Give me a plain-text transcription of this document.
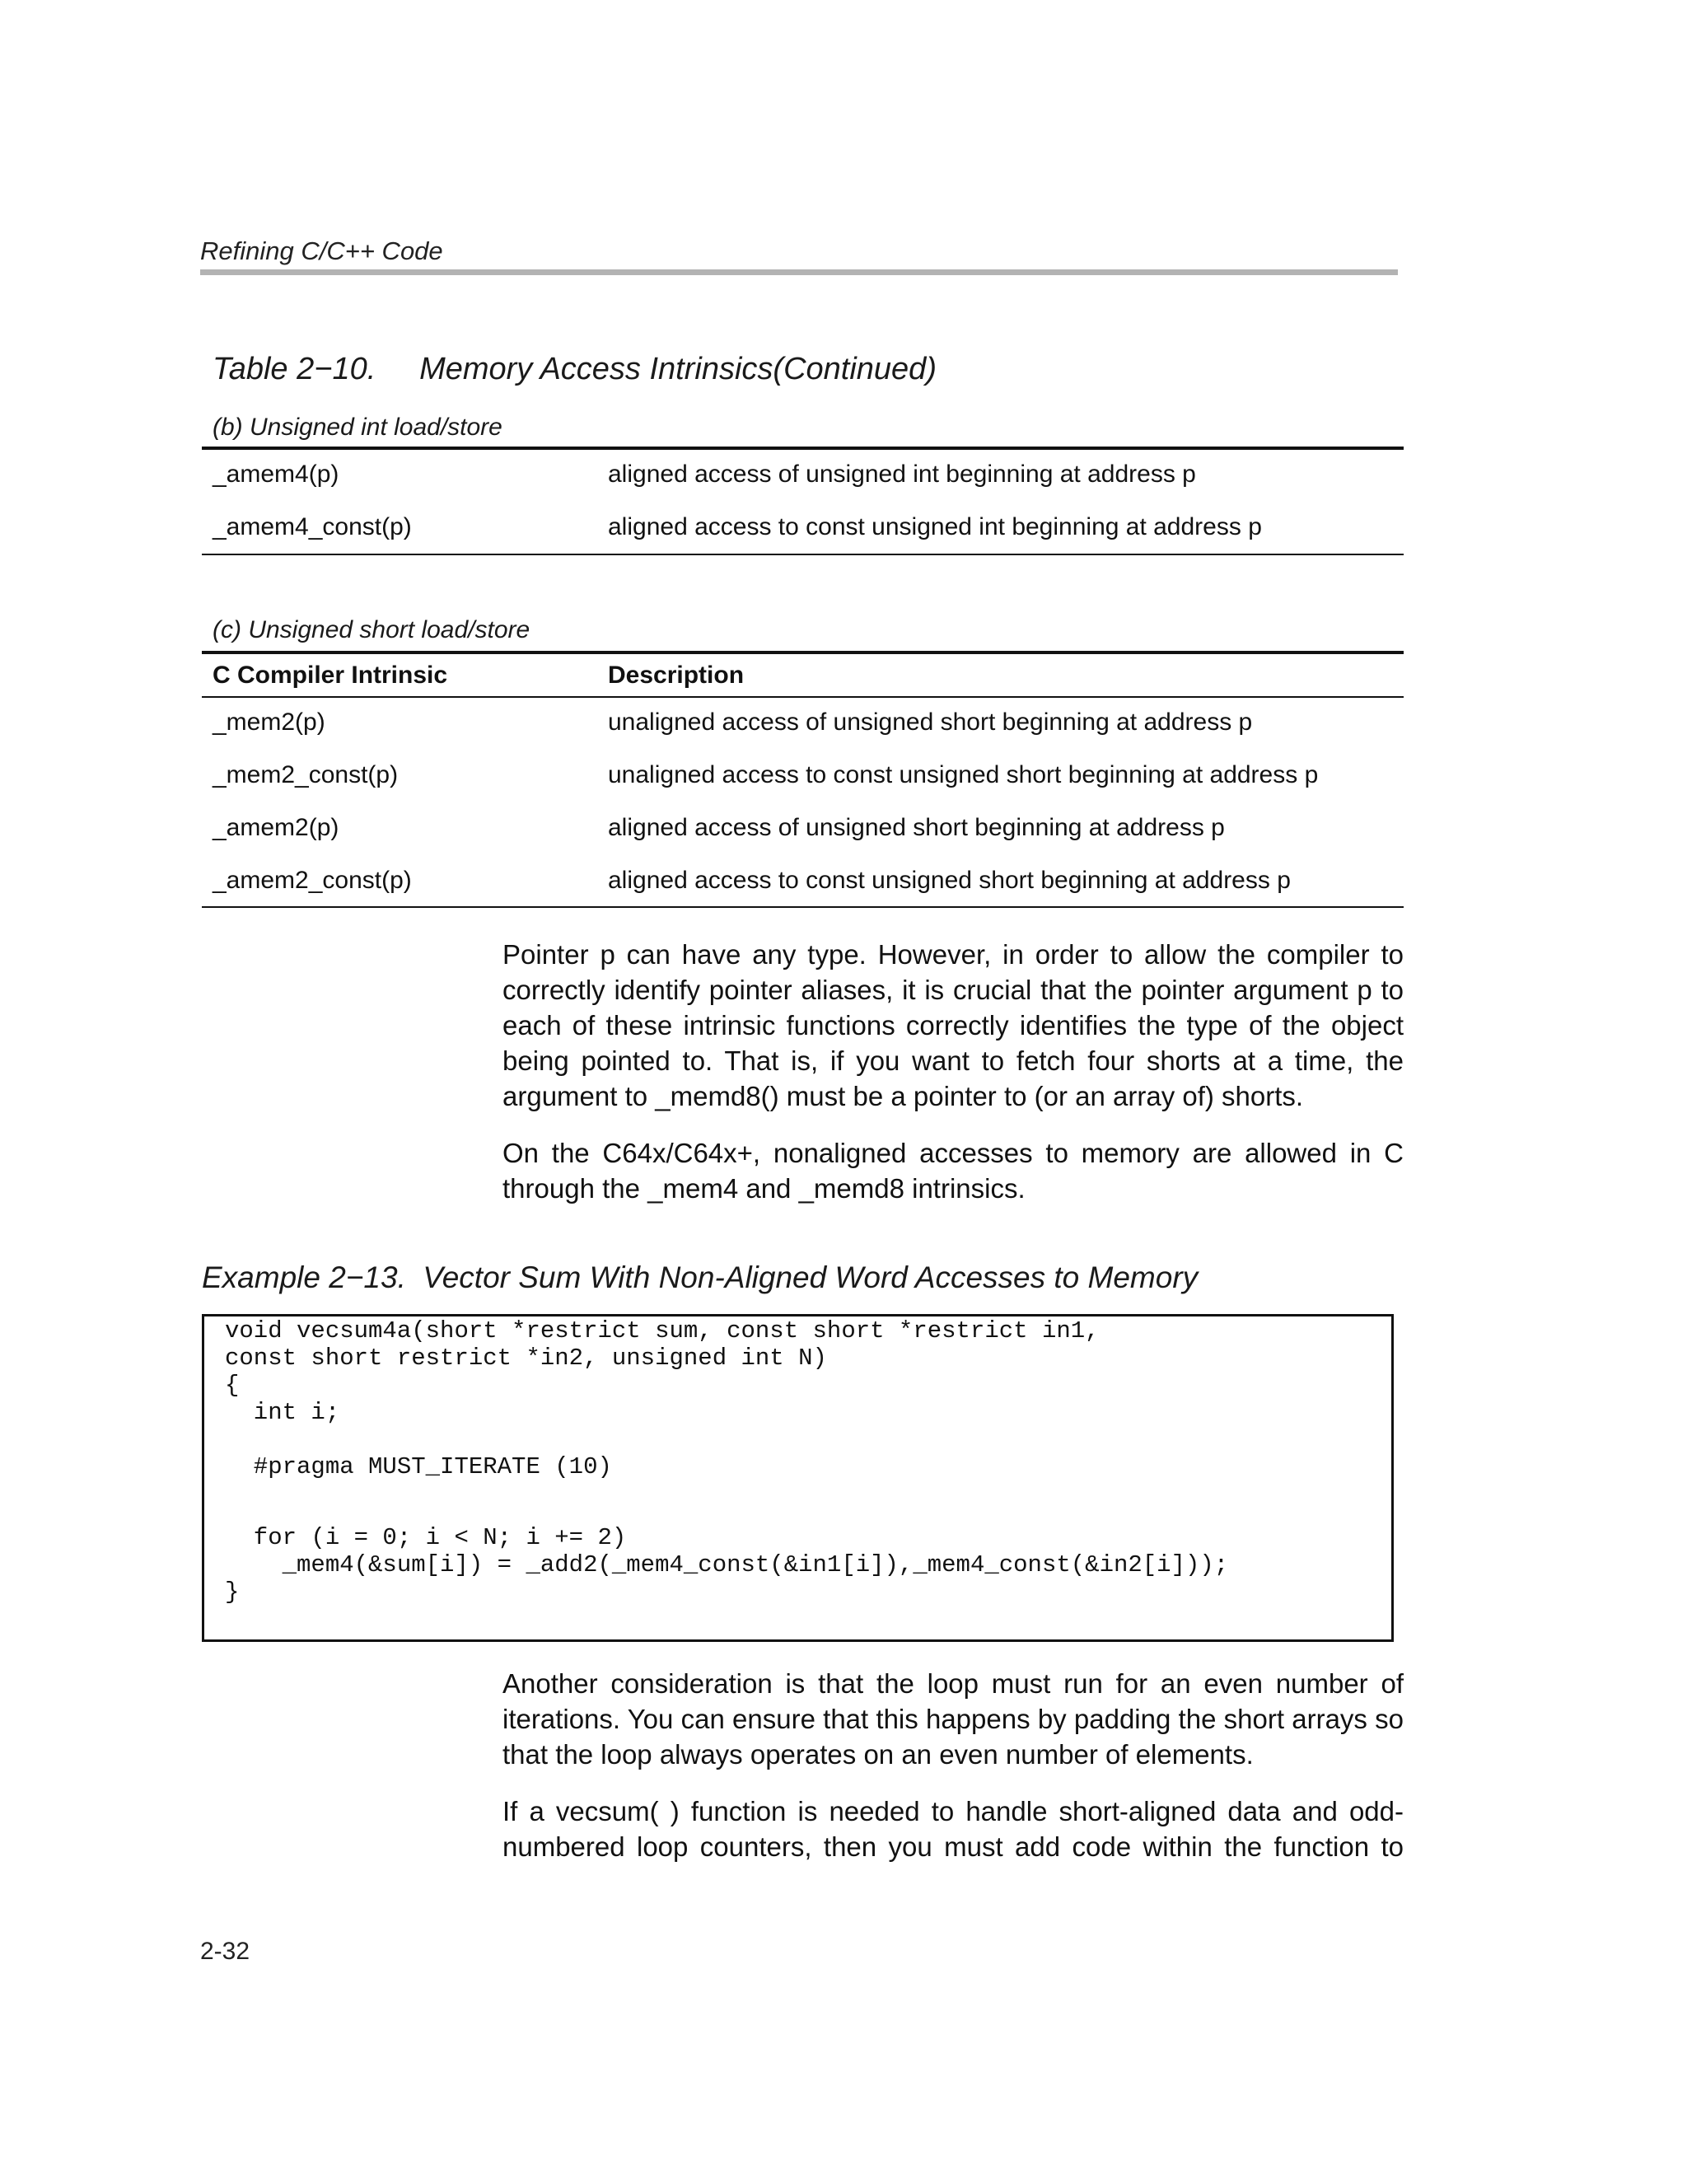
Refining C/C++ Code
Table 2−10. Memory Access Intrinsics(Continued)
(b) Unsigned int load/store
_amem4(p)	aligned access of unsigned int beginning at address p
_amem4_const(p)	aligned access to const unsigned int beginning at address p
(c) Unsigned short load/store
C Compiler Intrinsic	Description
_mem2(p)	unaligned access of unsigned short beginning at address p
_mem2_const(p)	unaligned access to const unsigned short beginning at address p
_amem2(p)	aligned access of unsigned short beginning at address p
_amem2_const(p)	aligned access to const unsigned short beginning at address p
Pointer p can have any type. However, in order to allow the compiler to correctly identify pointer aliases, it is crucial that the pointer argument p to each of these intrinsic functions correctly identifies the type of the object being pointed to. That is, if you want to fetch four shorts at a time, the argument to _memd8() must be a pointer to (or an array of) shorts.
On the C64x/C64x+, nonaligned accesses to memory are allowed in C through the _mem4 and _memd8 intrinsics.
Example 2−13.  Vector Sum With Non-Aligned Word Accesses to Memory
void vecsum4a(short *restrict sum, const short *restrict in1,
const short restrict *in2, unsigned int N)
{
int i;
#pragma MUST_ITERATE (10)
for (i = 0; i < N; i += 2)
_mem4(&sum[i]) = _add2(_mem4_const(&in1[i]),_mem4_const(&in2[i]));
}
Another consideration is that the loop must run for an even number of iterations. You can ensure that this happens by padding the short arrays so that the loop always operates on an even number of elements.
If a vecsum( ) function is needed to handle short-aligned data and odd-numbered loop counters, then you must add code within the function to
2-32
